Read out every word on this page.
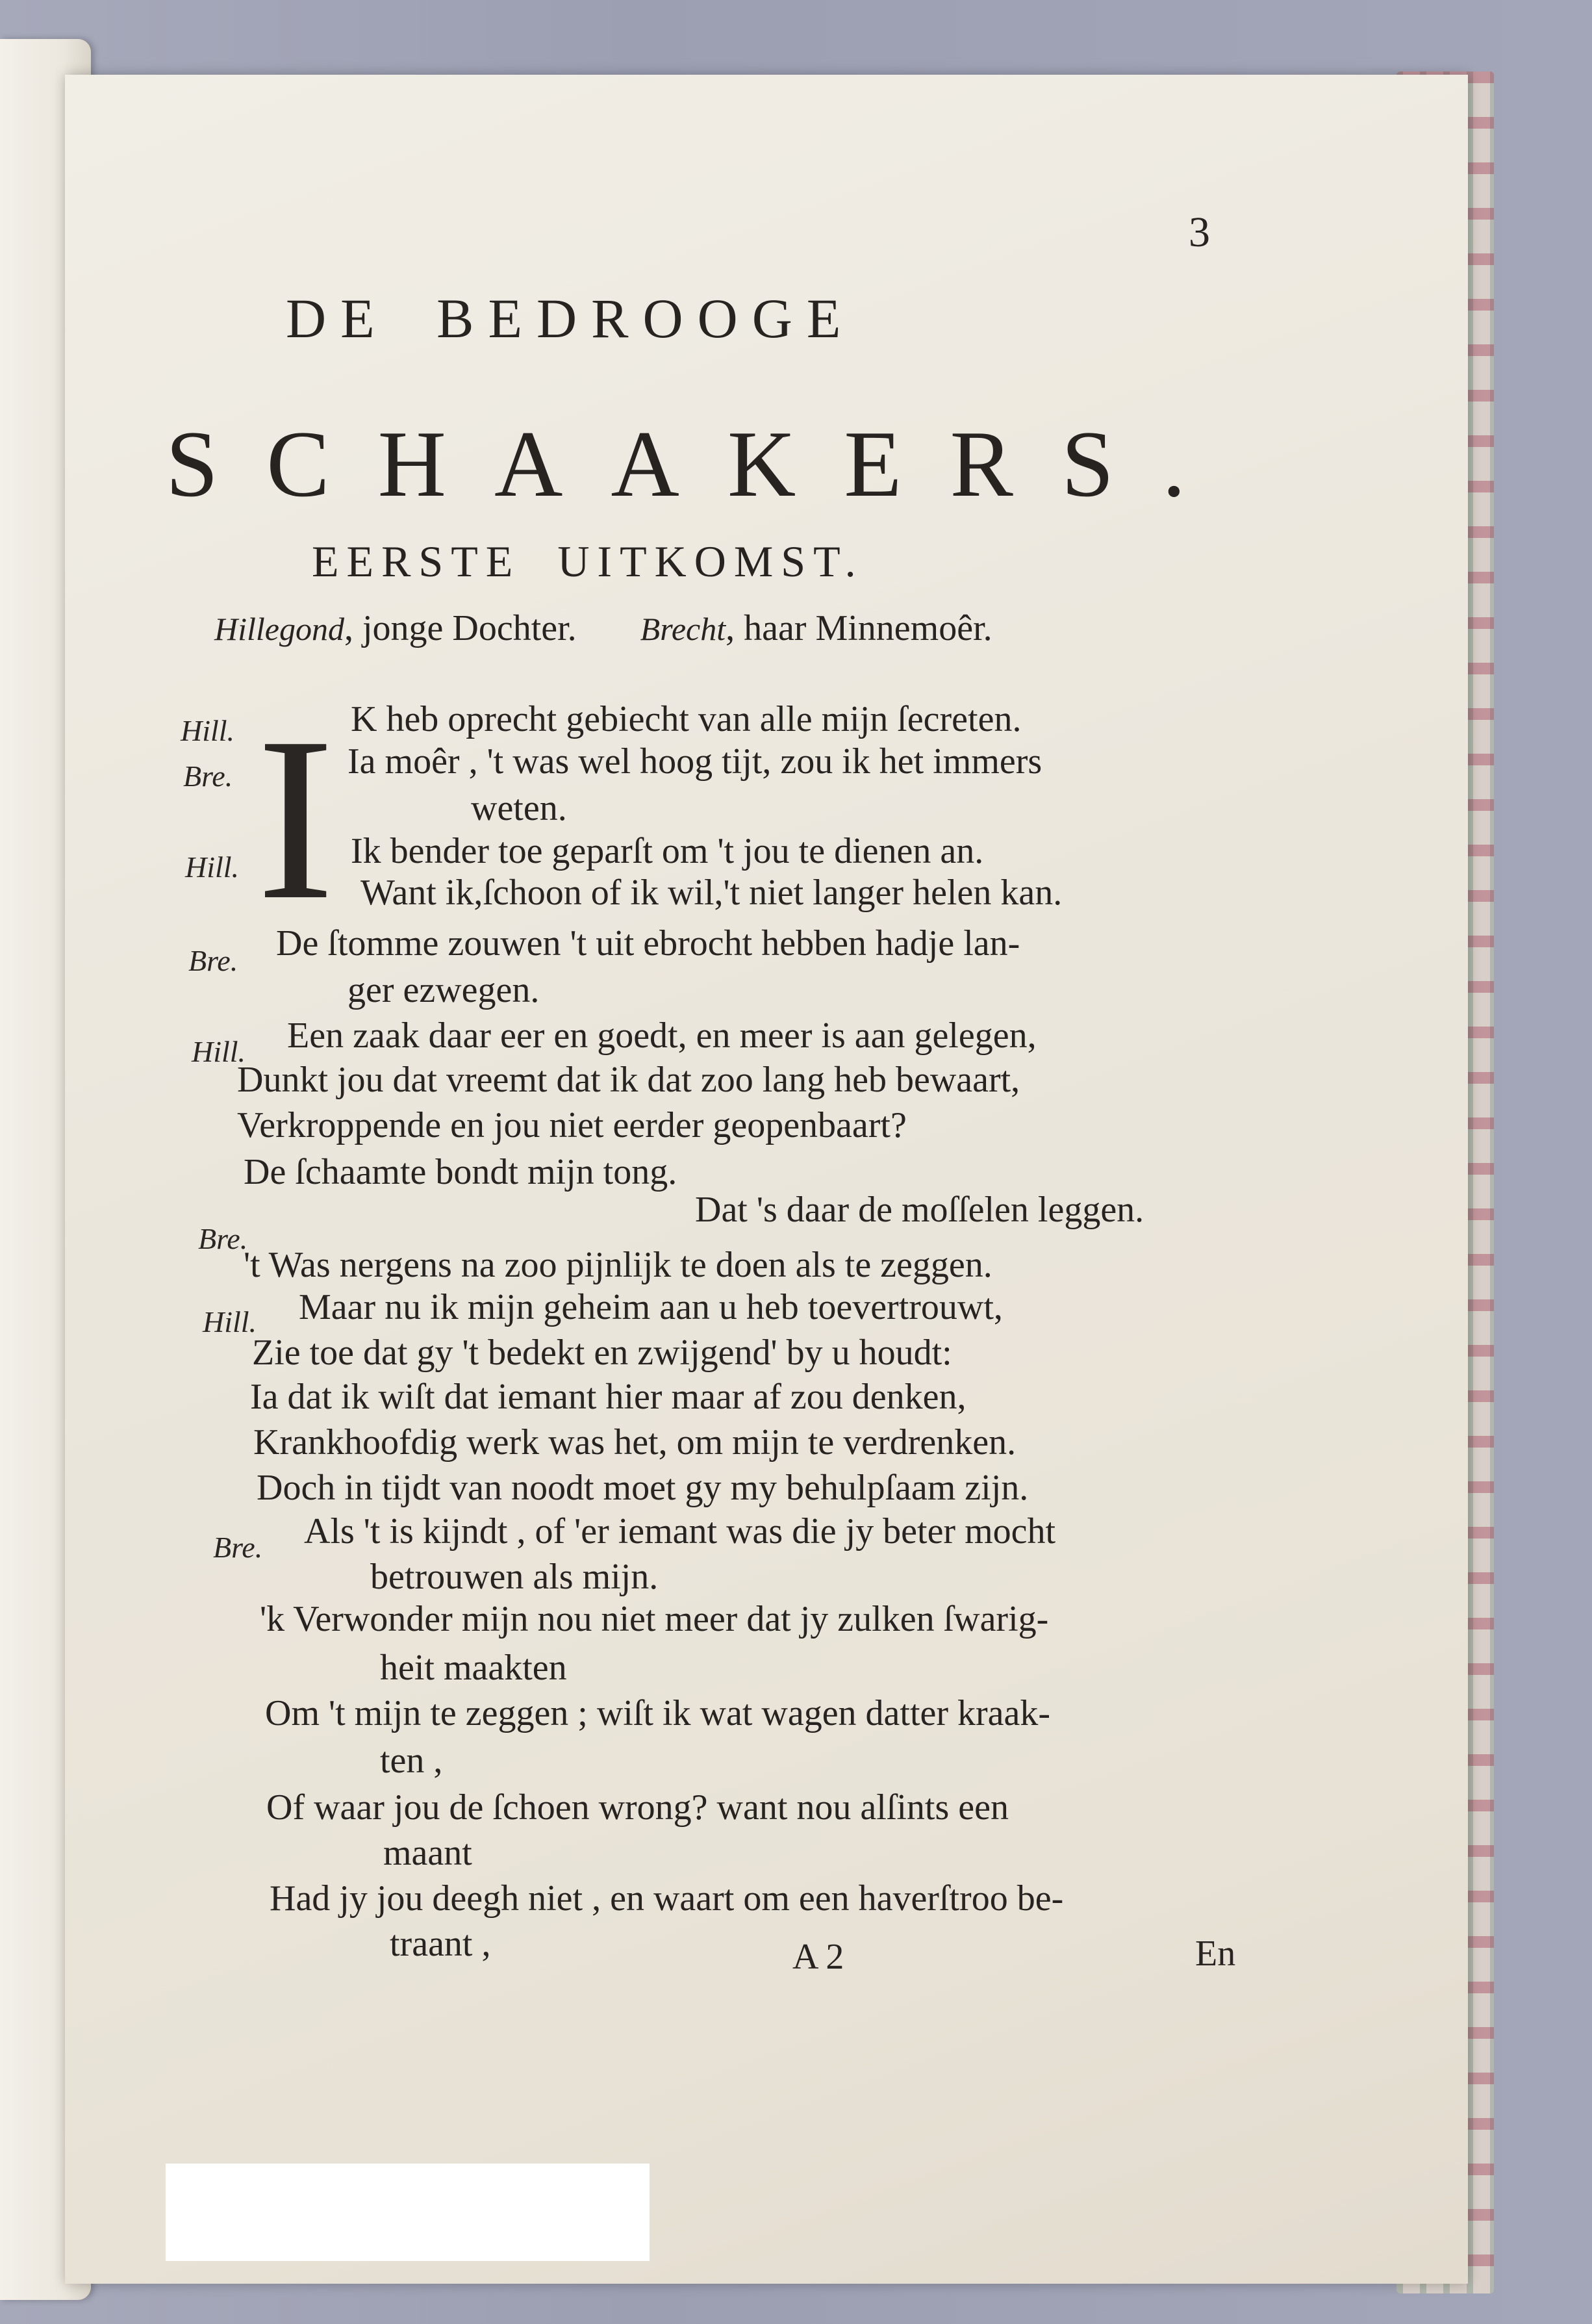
3
DE BEDROOGE
SCHAAKERS.
EERSTE UITKOMST.
Hillegond, jonge Dochter. Brecht, haar Minnemoêr.
I
Hill.
Bre.
Hill.
Bre.
Hill.
Bre.
Hill.
Bre.
K heb oprecht gebiecht van alle mijn ſecreten.
Ia moêr , 't was wel hoog tijt, zou ik het immers
weten.
Ik bender toe geparſt om 't jou te dienen an.
Want ik,ſchoon of ik wil,'t niet langer helen kan.
De ſtomme zouwen 't uit ebrocht hebben hadje lan-
ger ezwegen.
Een zaak daar eer en goedt, en meer is aan gelegen,
Dunkt jou dat vreemt dat ik dat zoo lang heb bewaart,
Verkroppende en jou niet eerder geopenbaart?
De ſchaamte bondt mijn tong.
Dat 's daar de moſſelen leggen.
't Was nergens na zoo pijnlijk te doen als te zeggen.
Maar nu ik mijn geheim aan u heb toevertrouwt,
Zie toe dat gy 't bedekt en zwijgend' by u houdt:
Ia dat ik wiſt dat iemant hier maar af zou denken,
Krankhoofdig werk was het, om mijn te verdrenken.
Doch in tijdt van noodt moet gy my behulpſaam zijn.
Als 't is kijndt , of 'er iemant was die jy beter mocht
betrouwen als mijn.
'k Verwonder mijn nou niet meer dat jy zulken ſwarig-
heit maakten
Om 't mijn te zeggen ; wiſt ik wat wagen datter kraak-
ten ,
Of waar jou de ſchoen wrong? want nou alſints een
maant
Had jy jou deegh niet , en waart om een haverſtroo be-
traant ,	A 2	En
